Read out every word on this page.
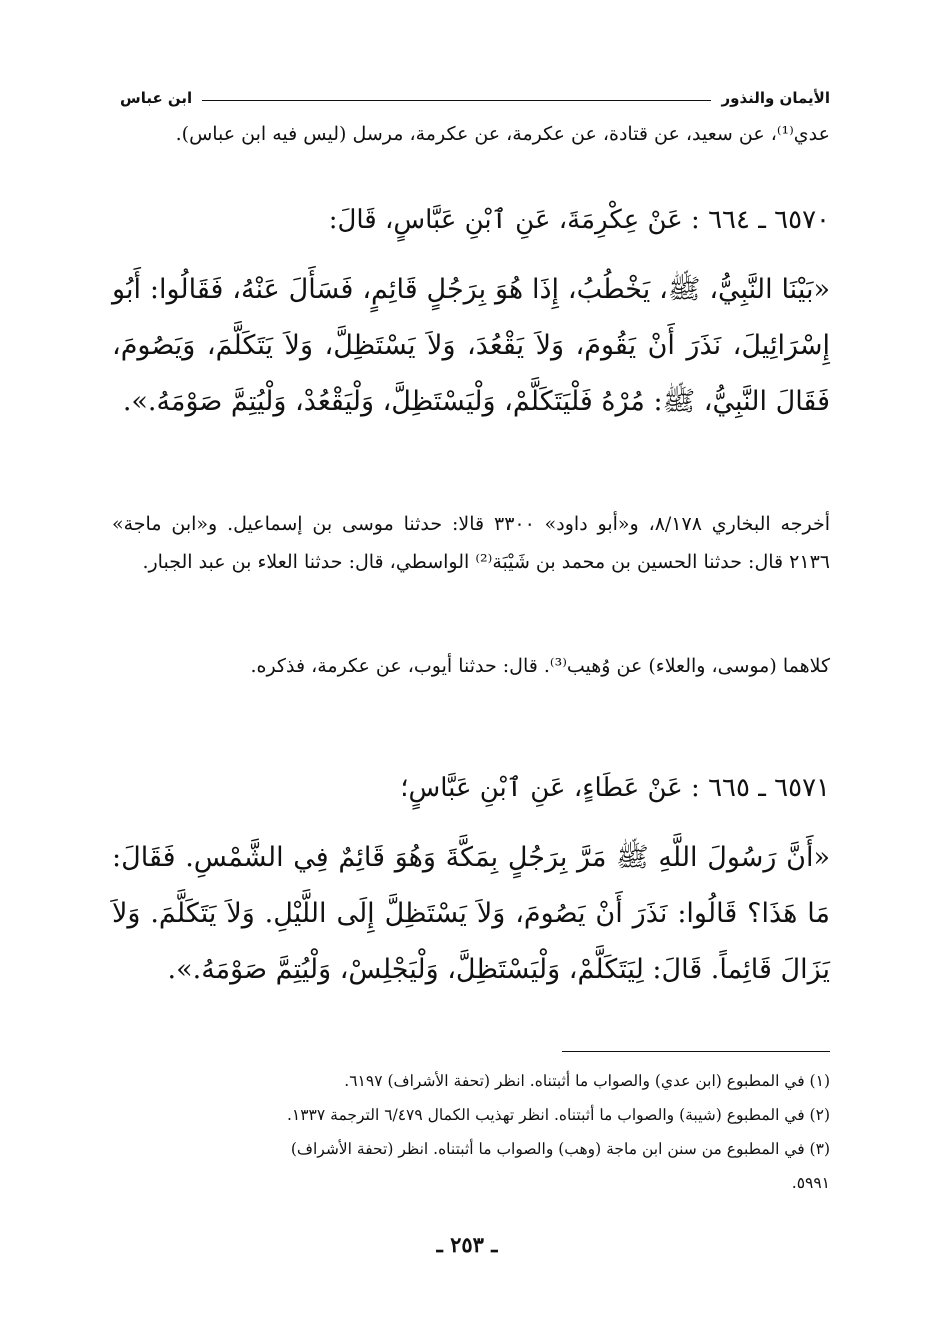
الأيمان والنذور
ابن عباس
عدي⁽¹⁾، عن سعيد، عن قتادة، عن عكرمة، عن عكرمة، مرسل (ليس فيه ابن عباس).
٦٥٧٠ ـ ٦٦٤ : عَنْ عِكْرِمَةَ، عَنِ ٱبْنِ عَبَّاسٍ، قَالَ:
«بَيْنَا النَّبِيُّ، ﷺ، يَخْطُبُ، إِذَا هُوَ بِرَجُلٍ قَائِمٍ، فَسَأَلَ عَنْهُ، فَقَالُوا: أَبُو إِسْرَائِيلَ، نَذَرَ أَنْ يَقُومَ، وَلاَ يَقْعُدَ، وَلاَ يَسْتَظِلَّ، وَلاَ يَتَكَلَّمَ، وَيَصُومَ، فَقَالَ النَّبِيُّ، ﷺ: مُرْهُ فَلْيَتَكَلَّمْ، وَلْيَسْتَظِلَّ، وَلْيَقْعُدْ، وَلْيُتِمَّ صَوْمَهُ.».
أخرجه البخاري ٨/١٧٨، و«أبو داود» ٣٣٠٠ قالا: حدثنا موسى بن إسماعيل. و«ابن ماجة» ٢١٣٦ قال: حدثنا الحسين بن محمد بن شَيْبَة⁽²⁾ الواسطي، قال: حدثنا العلاء بن عبد الجبار.
كلاهما (موسى، والعلاء) عن وُهيب⁽³⁾. قال: حدثنا أيوب، عن عكرمة، فذكره.
٦٥٧١ ـ ٦٦٥ : عَنْ عَطَاءٍ، عَنِ ٱبْنِ عَبَّاسٍ؛
«أَنَّ رَسُولَ اللَّهِ ﷺ مَرَّ بِرَجُلٍ بِمَكَّةَ وَهُوَ قَائِمٌ فِي الشَّمْسِ. فَقَالَ: مَا هَذَا؟ قَالُوا: نَذَرَ أَنْ يَصُومَ، وَلاَ يَسْتَظِلَّ إِلَى اللَّيْلِ. وَلاَ يَتَكَلَّمَ. وَلاَ يَزَالَ قَائِماً. قَالَ: لِيَتَكَلَّمْ، وَلْيَسْتَظِلَّ، وَلْيَجْلِسْ، وَلْيُتِمَّ صَوْمَهُ.».
(١) في المطبوع (ابن عدي) والصواب ما أثبتناه. انظر (تحفة الأشراف) ٦١٩٧.
(٢) في المطبوع (شيبة) والصواب ما أثبتناه. انظر تهذيب الكمال ٦/٤٧٩ الترجمة ١٣٣٧.
(٣) في المطبوع من سنن ابن ماجة (وهب) والصواب ما أثبتناه. انظر (تحفة الأشراف)
٥٩٩١.
ـ ٢٥٣ ـ
